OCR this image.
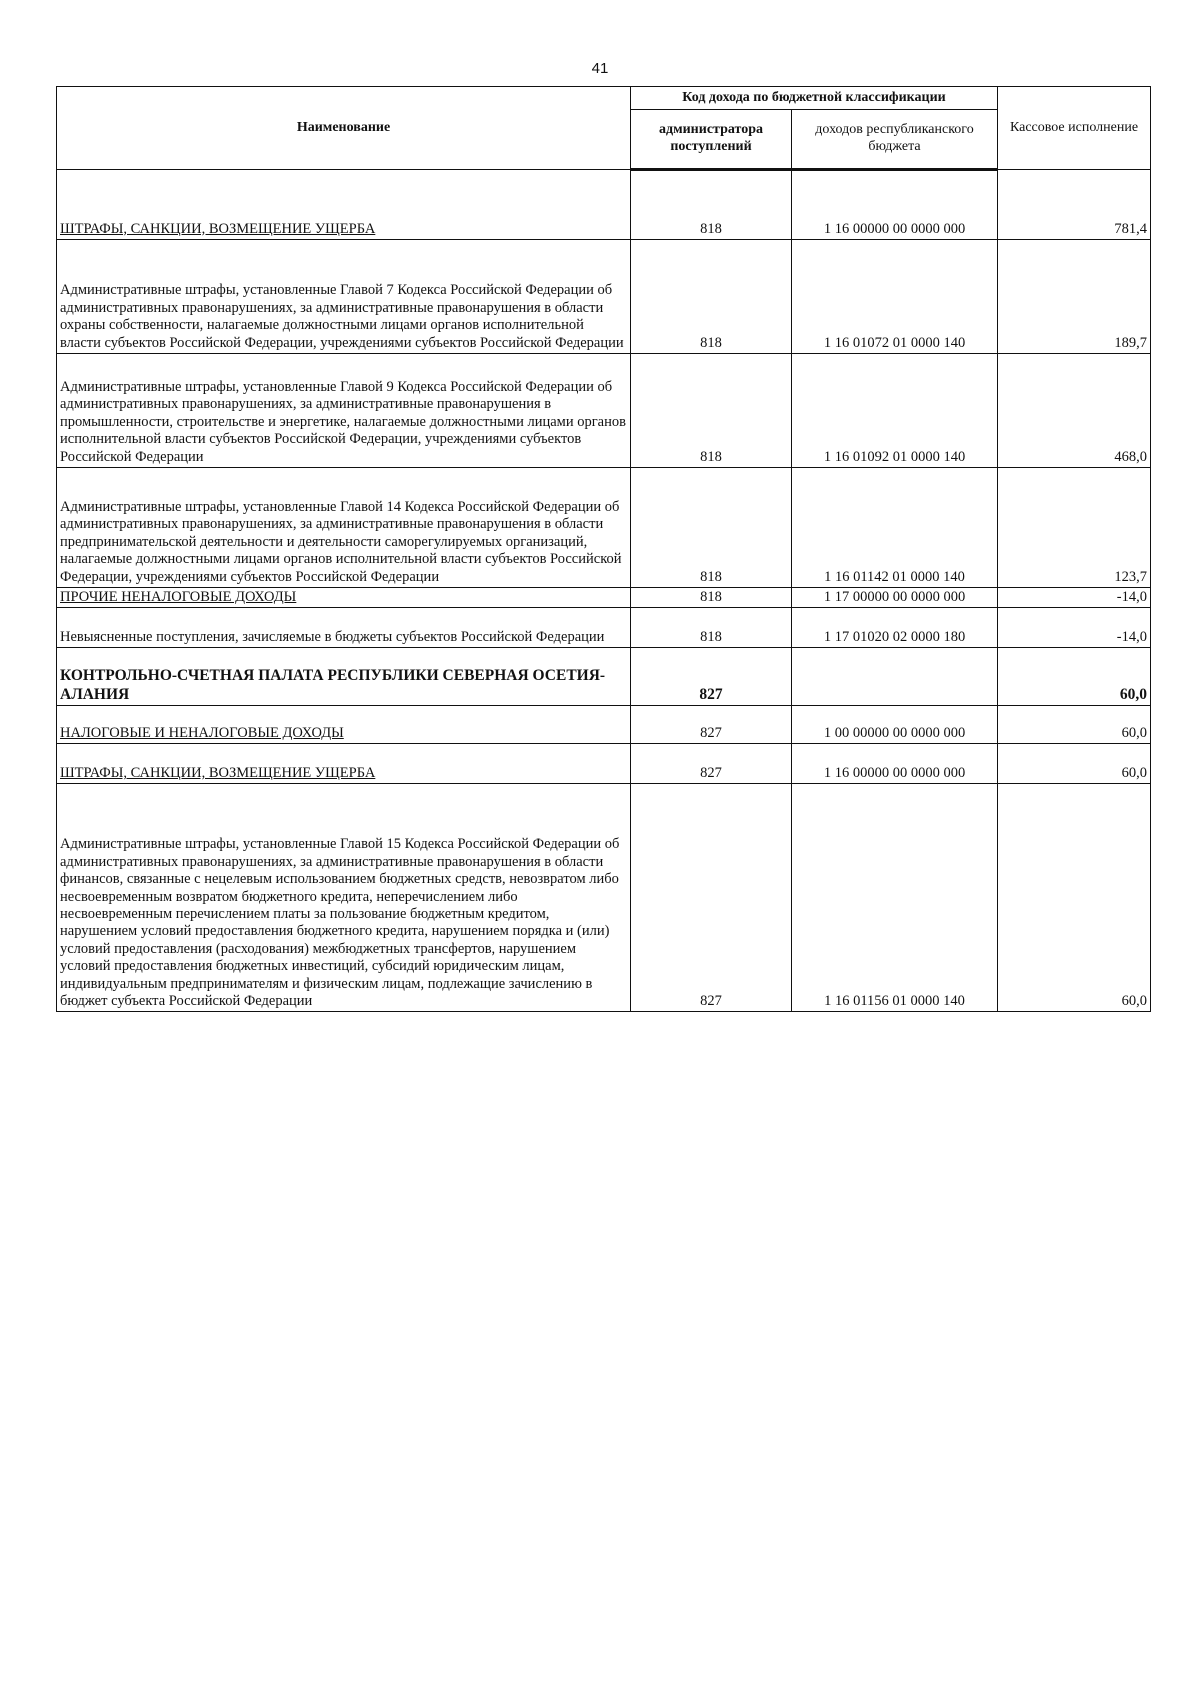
41
Наименование	Код дохода по бюджетной классификации		Кассовое исполнение
	администратора поступлений	доходов республиканского бюджета	
ШТРАФЫ, САНКЦИИ, ВОЗМЕЩЕНИЕ УЩЕРБА	818	1 16 00000 00 0000 000	781,4
Административные штрафы, установленные Главой 7 Кодекса Российской Федерации об административных правонарушениях, за административные правонарушения в области охраны собственности, налагаемые должностными лицами органов исполнительной власти субъектов Российской Федерации, учреждениями субъектов Российской Федерации	818	1 16 01072 01 0000 140	189,7
Административные штрафы, установленные Главой 9 Кодекса Российской Федерации об административных правонарушениях, за административные правонарушения в промышленности, строительстве и энергетике, налагаемые должностными лицами органов исполнительной власти субъектов Российской Федерации, учреждениями субъектов Российской Федерации	818	1 16 01092 01 0000 140	468,0
Административные штрафы, установленные Главой 14 Кодекса Российской Федерации об административных правонарушениях, за административные правонарушения в области предпринимательской деятельности и деятельности саморегулируемых организаций, налагаемые должностными лицами органов исполнительной власти субъектов Российской Федерации, учреждениями субъектов Российской Федерации	818	1 16 01142 01 0000 140	123,7
ПРОЧИЕ НЕНАЛОГОВЫЕ ДОХОДЫ	818	1 17 00000 00 0000 000	-14,0
Невыясненные поступления, зачисляемые в бюджеты субъектов Российской Федерации	818	1 17 01020 02 0000 180	-14,0
КОНТРОЛЬНО-СЧЕТНАЯ ПАЛАТА РЕСПУБЛИКИ СЕВЕРНАЯ ОСЕТИЯ-АЛАНИЯ	827		60,0
НАЛОГОВЫЕ И НЕНАЛОГОВЫЕ ДОХОДЫ	827	1 00 00000 00 0000 000	60,0
ШТРАФЫ, САНКЦИИ, ВОЗМЕЩЕНИЕ УЩЕРБА	827	1 16 00000 00 0000 000	60,0
Административные штрафы, установленные Главой 15 Кодекса Российской Федерации об административных правонарушениях, за административные правонарушения в области финансов, связанные с нецелевым использованием бюджетных средств, невозвратом либо несвоевременным возвратом бюджетного кредита, неперечислением либо несвоевременным перечислением платы за пользование бюджетным кредитом, нарушением условий предоставления бюджетного кредита, нарушением порядка и (или) условий предоставления (расходования) межбюджетных трансфертов, нарушением условий предоставления бюджетных инвестиций, субсидий юридическим лицам, индивидуальным предпринимателям и физическим лицам, подлежащие зачислению в бюджет субъекта Российской Федерации	827	1 16 01156 01 0000 140	60,0
